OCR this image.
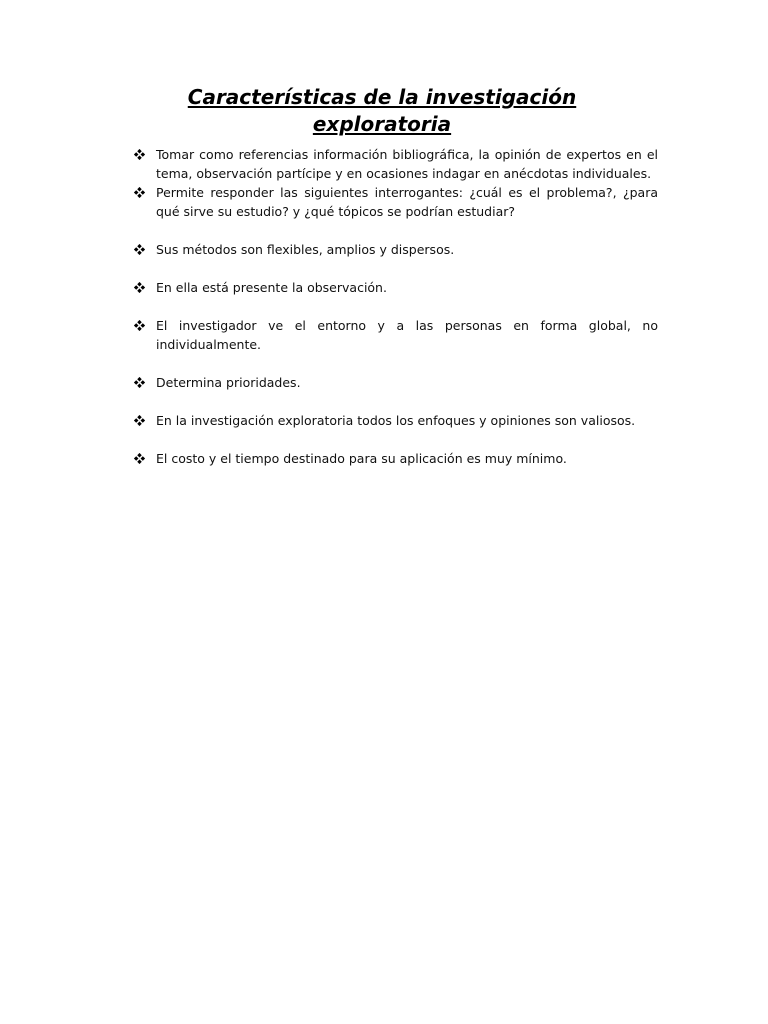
Características de la investigación
exploratoria
Tomar como referencias información bibliográfica, la opinión de expertos en el tema, observación partícipe y en ocasiones indagar en anécdotas individuales.
Permite responder las siguientes interrogantes: ¿cuál es el problema?, ¿para qué sirve su estudio? y ¿qué tópicos se podrían estudiar?
Sus métodos son flexibles, amplios y dispersos.
En ella está presente la observación.
El investigador ve el entorno y a las personas en forma global, no individualmente.
Determina prioridades.
En la investigación exploratoria todos los enfoques y opiniones son valiosos.
El costo y el tiempo destinado para su aplicación es muy mínimo.
